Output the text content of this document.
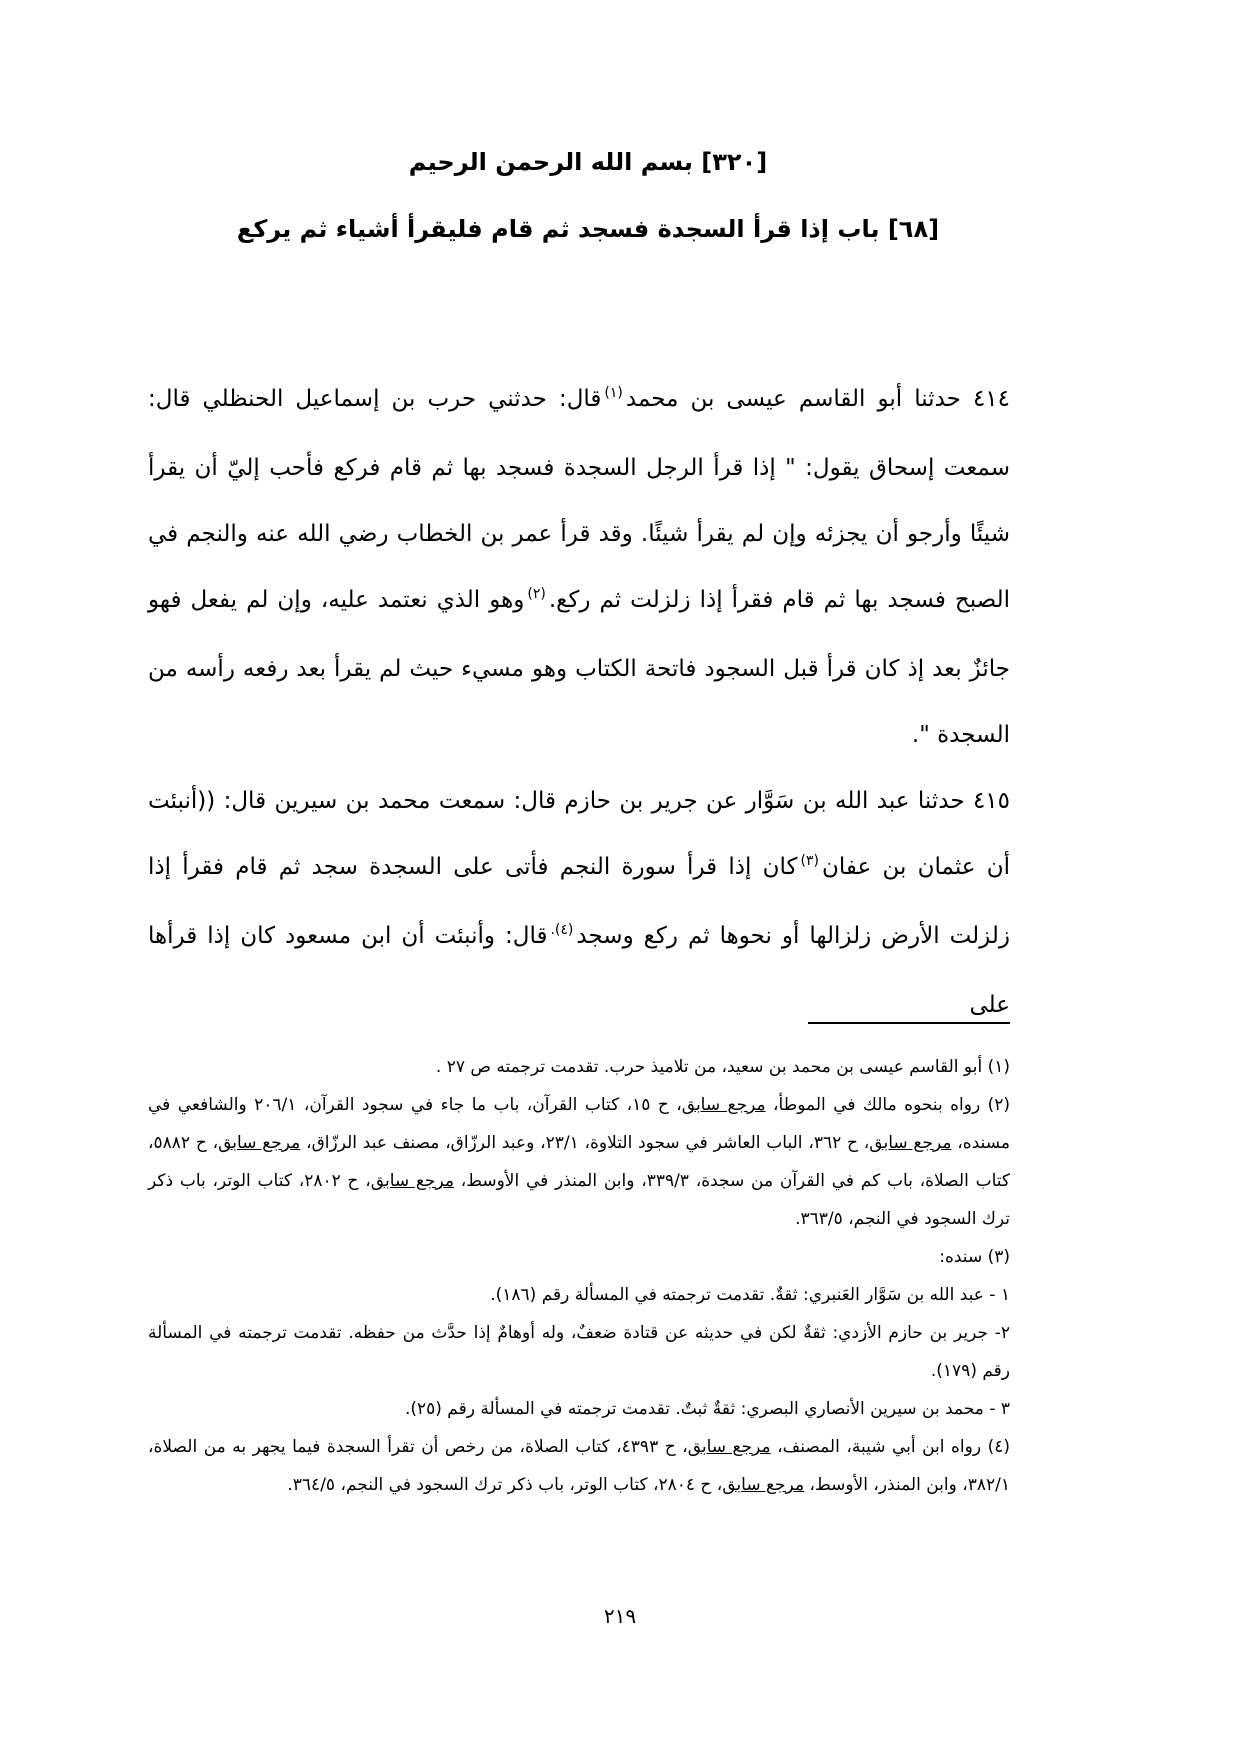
[٣٢٠] بسم الله الرحمن الرحيم
[٦٨] باب إذا قرأ السجدة فسجد ثم قام فليقرأ أشياء ثم يركع

٤١٤ حدثنا أبو القاسم عيسى بن محمد$^{(١)}$قال: حدثني حرب بن إسماعيل الحنظلي قال: سمعت إسحاق يقول: " إذا قرأ الرجل السجدة فسجد بها ثم قام فركع فأحب إليّ أن يقرأ شيئًا وأرجو أن يجزئه وإن لم يقرأ شيئًا. وقد قرأ عمر بن الخطاب رضي الله عنه والنجم في الصبح فسجد بها ثم قام فقرأ إذا زلزلت ثم ركع.$^{(٢)}$وهو الذي نعتمد عليه، وإن لم يفعل فهو جائزٌ بعد إذ كان قرأ قبل السجود فاتحة الكتاب وهو مسيء حيث لم يقرأ بعد رفعه رأسه من السجدة ".

٤١٥ حدثنا عبد الله بن سَوَّار عن جرير بن حازم قال: سمعت محمد بن سيرين قال: ((أنبئت أن عثمان بن عفان$^{(٣)}$كان إذا قرأ سورة النجم فأتى على السجدة سجد ثم قام فقرأ إذا زلزلت الأرض زلزالها أو نحوها ثم ركع وسجد$^{(٤).}$قال: وأنبئت أن ابن مسعود كان إذا قرأها على

(١) أبو القاسم عيسى بن محمد بن سعيد، من تلاميذ حرب. تقدمت ترجمته ص ٢٧ .

(٢) رواه بنحوه مالك في الموطأ، مرجع سابق، ح ١٥، كتاب القرآن، باب ما جاء في سجود القرآن، ٢٠٦/١ والشافعي في مسنده، مرجع سابق، ح ٣٦٢، الباب العاشر في سجود التلاوة، ٢٣/١، وعبد الرزّاق، مصنف عبد الرزّاق، مرجع سابق، ح ٥٨٨٢، كتاب الصلاة، باب كم في القرآن من سجدة، ٣٣٩/٣، وابن المنذر في الأوسط، مرجع سابق، ح ٢٨٠٢، كتاب الوتر، باب ذكر ترك السجود في النجم، ٣٦٣/٥.

(٣) سنده:

١ - عبد الله بن سَوَّار العَنبري: ثقةٌ. تقدمت ترجمته في المسألة رقم (١٨٦).

٢- جرير بن حازم الأزدي: ثقةٌ لكن في حديثه عن قتادة ضعفٌ، وله أوهامٌ إذا حدَّث من حفظه. تقدمت ترجمته في المسألة رقم (١٧٩).

٣ - محمد بن سيرين الأنصاري البصري: ثقةٌ ثبتٌ. تقدمت ترجمته في المسألة رقم (٢٥).

(٤) رواه ابن أبي شيبة، المصنف، مرجع سابق، ح ٤٣٩٣، كتاب الصلاة، من رخص أن تقرأ السجدة فيما يجهر به من الصلاة، ٣٨٢/١، وابن المنذر، الأوسط، مرجع سابق، ح ٢٨٠٤، كتاب الوتر، باب ذكر ترك السجود في النجم، ٣٦٤/٥.

٢١٩
